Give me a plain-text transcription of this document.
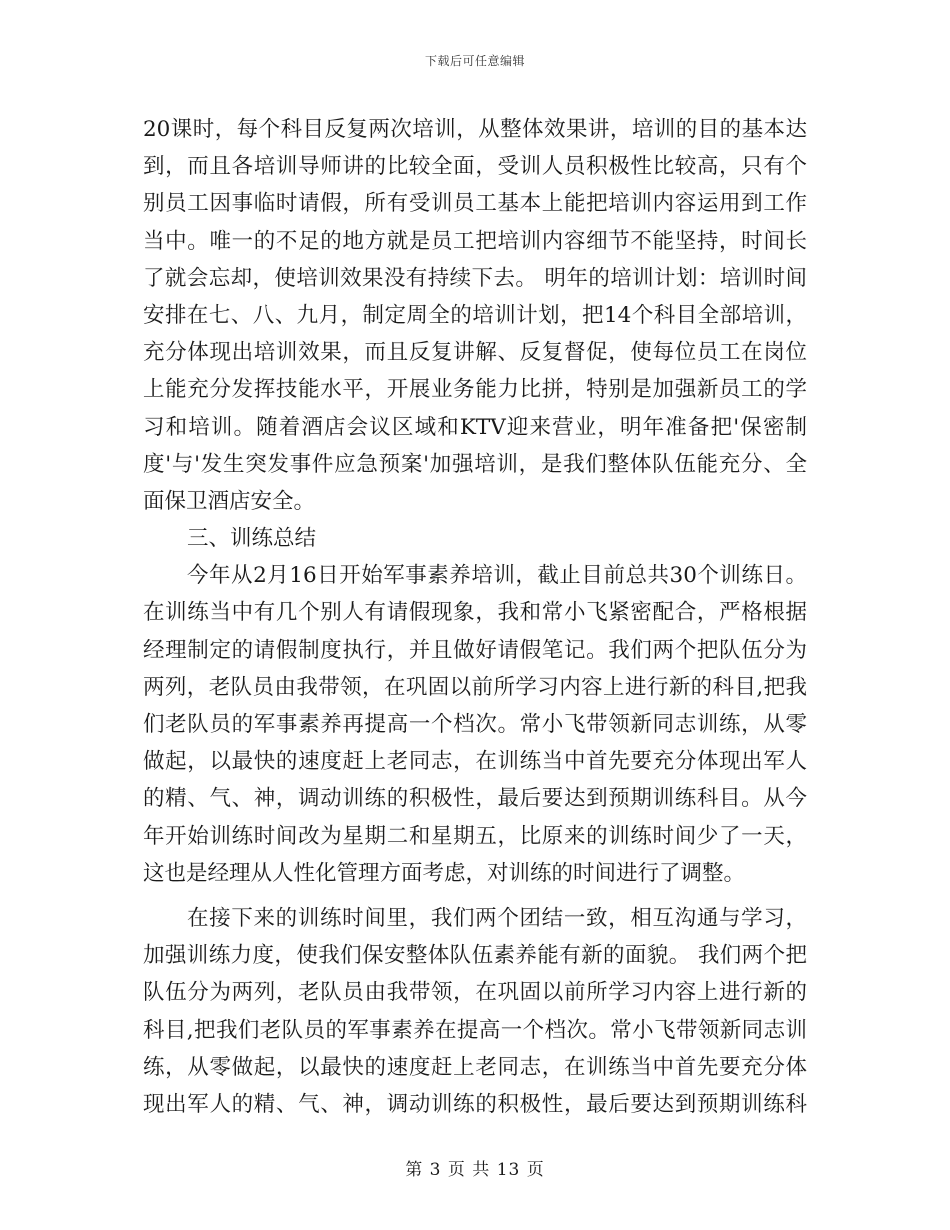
下载后可任意编辑
20课时，每个科目反复两次培训，从整体效果讲，培训的目的基本达
到，而且各培训导师讲的比较全面，受训人员积极性比较高，只有个
别员工因事临时请假，所有受训员工基本上能把培训内容运用到工作
当中。唯一的不足的地方就是员工把培训内容细节不能坚持，时间长
了就会忘却，使培训效果没有持续下去。 明年的培训计划：培训时间
安排在七、八、九月，制定周全的培训计划，把14个科目全部培训，
充分体现出培训效果，而且反复讲解、反复督促，使每位员工在岗位
上能充分发挥技能水平，开展业务能力比拼，特别是加强新员工的学
习和培训。随着酒店会议区域和KTV迎来营业，明年准备把'保密制
度'与'发生突发事件应急预案'加强培训，是我们整体队伍能充分、全
面保卫酒店安全。
三、训练总结
今年从2月16日开始军事素养培训，截止目前总共30个训练日。
在训练当中有几个别人有请假现象，我和常小飞紧密配合，严格根据
经理制定的请假制度执行，并且做好请假笔记。我们两个把队伍分为
两列，老队员由我带领，在巩固以前所学习内容上进行新的科目,把我
们老队员的军事素养再提高一个档次。常小飞带领新同志训练，从零
做起，以最快的速度赶上老同志，在训练当中首先要充分体现出军人
的精、气、神，调动训练的积极性，最后要达到预期训练科目。从今
年开始训练时间改为星期二和星期五，比原来的训练时间少了一天，
这也是经理从人性化管理方面考虑，对训练的时间进行了调整。
在接下来的训练时间里，我们两个团结一致，相互沟通与学习，
加强训练力度，使我们保安整体队伍素养能有新的面貌。 我们两个把
队伍分为两列，老队员由我带领，在巩固以前所学习内容上进行新的
科目,把我们老队员的军事素养在提高一个档次。常小飞带领新同志训
练，从零做起，以最快的速度赶上老同志，在训练当中首先要充分体
现出军人的精、气、神，调动训练的积极性，最后要达到预期训练科
第 3 页 共 13 页
